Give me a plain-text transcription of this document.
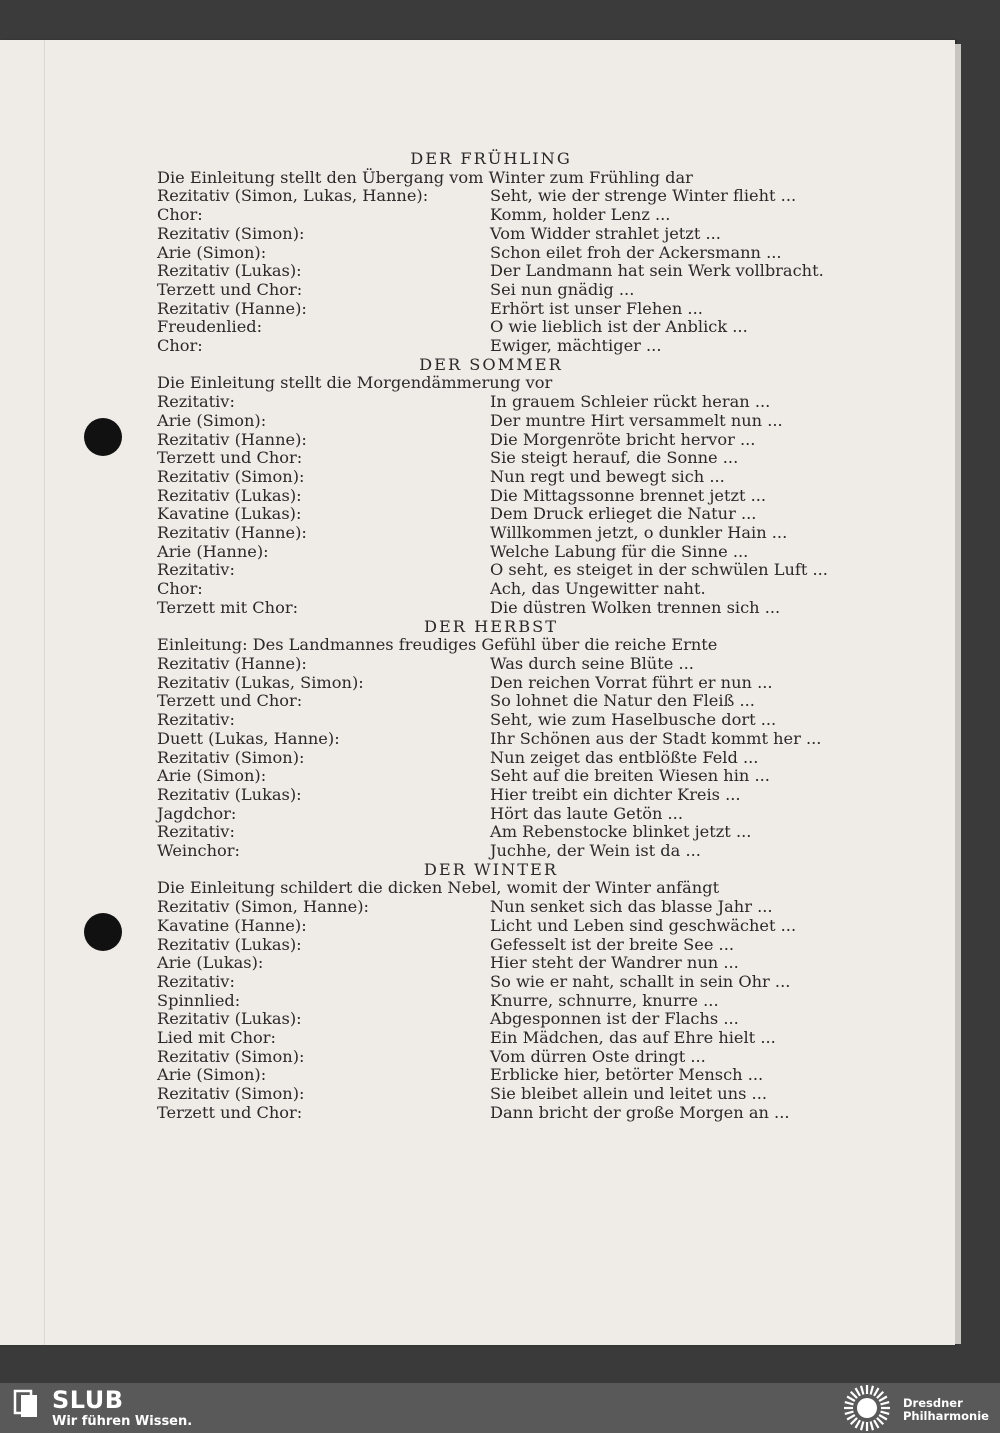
DER FRÜHLING
Die Einleitung stellt den Übergang vom Winter zum Frühling dar
Rezitativ (Simon, Lukas, Hanne):	Seht, wie der strenge Winter flieht ...
Chor:	Komm, holder Lenz ...
Rezitativ (Simon):	Vom Widder strahlet jetzt ...
Arie (Simon):	Schon eilet froh der Ackersmann ...
Rezitativ (Lukas):	Der Landmann hat sein Werk vollbracht.
Terzett und Chor:	Sei nun gnädig ...
Rezitativ (Hanne):	Erhört ist unser Flehen ...
Freudenlied:	O wie lieblich ist der Anblick ...
Chor:	Ewiger, mächtiger ...
DER SOMMER
Die Einleitung stellt die Morgendämmerung vor
Rezitativ:	In grauem Schleier rückt heran ...
Arie (Simon):	Der muntre Hirt versammelt nun ...
Rezitativ (Hanne):	Die Morgenröte bricht hervor ...
Terzett und Chor:	Sie steigt herauf, die Sonne ...
Rezitativ (Simon):	Nun regt und bewegt sich ...
Rezitativ (Lukas):	Die Mittagssonne brennet jetzt ...
Kavatine (Lukas):	Dem Druck erlieget die Natur ...
Rezitativ (Hanne):	Willkommen jetzt, o dunkler Hain ...
Arie (Hanne):	Welche Labung für die Sinne ...
Rezitativ:	O seht, es steiget in der schwülen Luft ...
Chor:	Ach, das Ungewitter naht.
Terzett mit Chor:	Die düstren Wolken trennen sich ...
DER HERBST
Einleitung: Des Landmannes freudiges Gefühl über die reiche Ernte
Rezitativ (Hanne):	Was durch seine Blüte ...
Rezitativ (Lukas, Simon):	Den reichen Vorrat führt er nun ...
Terzett und Chor:	So lohnet die Natur den Fleiß ...
Rezitativ:	Seht, wie zum Haselbusche dort ...
Duett (Lukas, Hanne):	Ihr Schönen aus der Stadt kommt her ...
Rezitativ (Simon):	Nun zeiget das entblößte Feld ...
Arie (Simon):	Seht auf die breiten Wiesen hin ...
Rezitativ (Lukas):	Hier treibt ein dichter Kreis ...
Jagdchor:	Hört das laute Getön ...
Rezitativ:	Am Rebenstocke blinket jetzt ...
Weinchor:	Juchhe, der Wein ist da ...
DER WINTER
Die Einleitung schildert die dicken Nebel, womit der Winter anfängt
Rezitativ (Simon, Hanne):	Nun senket sich das blasse Jahr ...
Kavatine (Hanne):	Licht und Leben sind geschwächet ...
Rezitativ (Lukas):	Gefesselt ist der breite See ...
Arie (Lukas):	Hier steht der Wandrer nun ...
Rezitativ:	So wie er naht, schallt in sein Ohr ...
Spinnlied:	Knurre, schnurre, knurre ...
Rezitativ (Lukas):	Abgesponnen ist der Flachs ...
Lied mit Chor:	Ein Mädchen, das auf Ehre hielt ...
Rezitativ (Simon):	Vom dürren Oste dringt ...
Arie (Simon):	Erblicke hier, betörter Mensch ...
Rezitativ (Simon):	Sie bleibet allein und leitet uns ...
Terzett und Chor:	Dann bricht der große Morgen an ...
SLUB
Wir führen Wissen.
Dresdner
Philharmonie
